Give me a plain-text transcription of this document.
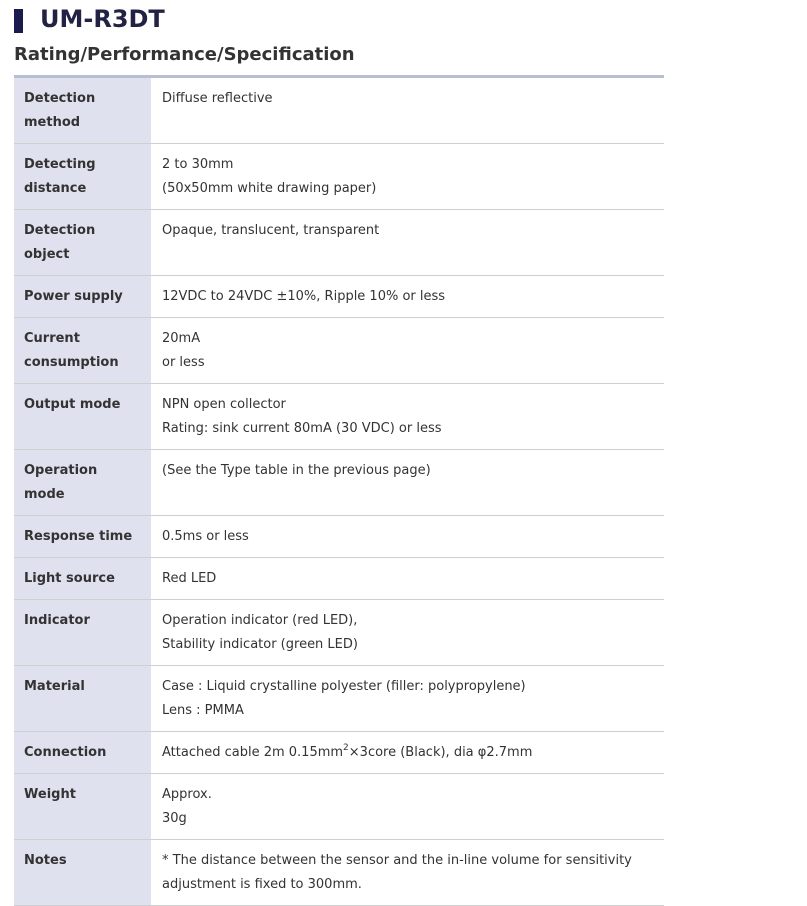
UM-R3DT
Rating/Performance/Specification
Detection method	Diffuse reflective

Detecting distance	2 to 30mm
(50x50mm white drawing paper)

Detection object	Opaque, translucent, transparent

Power supply	12VDC to 24VDC ±10%, Ripple 10% or less

Current consumption	20mA
or less

Output mode	NPN open collector
Rating: sink current 80mA (30 VDC) or less

Operation mode	(See the Type table in the previous page)

Response time	0.5ms or less

Light source	Red LED

Indicator	Operation indicator (red LED),
Stability indicator (green LED)

Material	Case : Liquid crystalline polyester (filler: polypropylene)
Lens : PMMA

Connection	Attached cable 2m $0.15mm^2\times 3core$ (Black), dia φ2.7mm

Weight	Approx.
30g

Notes	* The distance between the sensor and the in-line volume for sensitivity
adjustment is fixed to 300mm.
